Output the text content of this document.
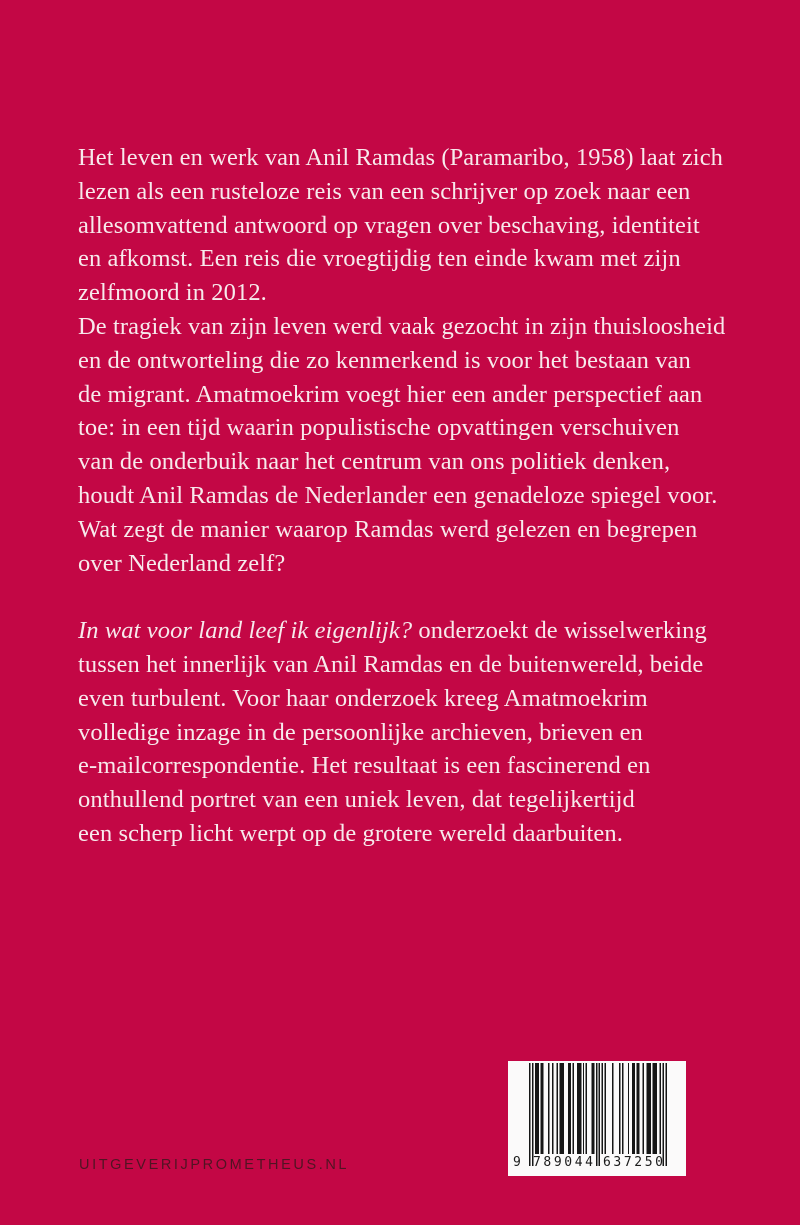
Het leven en werk van Anil Ramdas (Paramaribo, 1958) laat zich
lezen als een rusteloze reis van een schrijver op zoek naar een
allesomvattend antwoord op vragen over beschaving, identiteit
en afkomst. Een reis die vroegtijdig ten einde kwam met zijn
zelfmoord in 2012.
De tragiek van zijn leven werd vaak gezocht in zijn thuisloosheid
en de ontworteling die zo kenmerkend is voor het bestaan van
de migrant. Amatmoekrim voegt hier een ander perspectief aan
toe: in een tijd waarin populistische opvattingen verschuiven
van de onderbuik naar het centrum van ons politiek denken,
houdt Anil Ramdas de Nederlander een genadeloze spiegel voor.
Wat zegt de manier waarop Ramdas werd gelezen en begrepen
over Nederland zelf?
In wat voor land leef ik eigenlijk? onderzoekt de wisselwerking
tussen het innerlijk van Anil Ramdas en de buitenwereld, beide
even turbulent. Voor haar onderzoek kreeg Amatmoekrim
volledige inzage in de persoonlijke archieven, brieven en
e-mailcorrespondentie. Het resultaat is een fascinerend en
onthullend portret van een uniek leven, dat tegelijkertijd
een scherp licht werpt op de grotere wereld daarbuiten.
UITGEVERIJPROMETHEUS.NL	9 789044 637250
